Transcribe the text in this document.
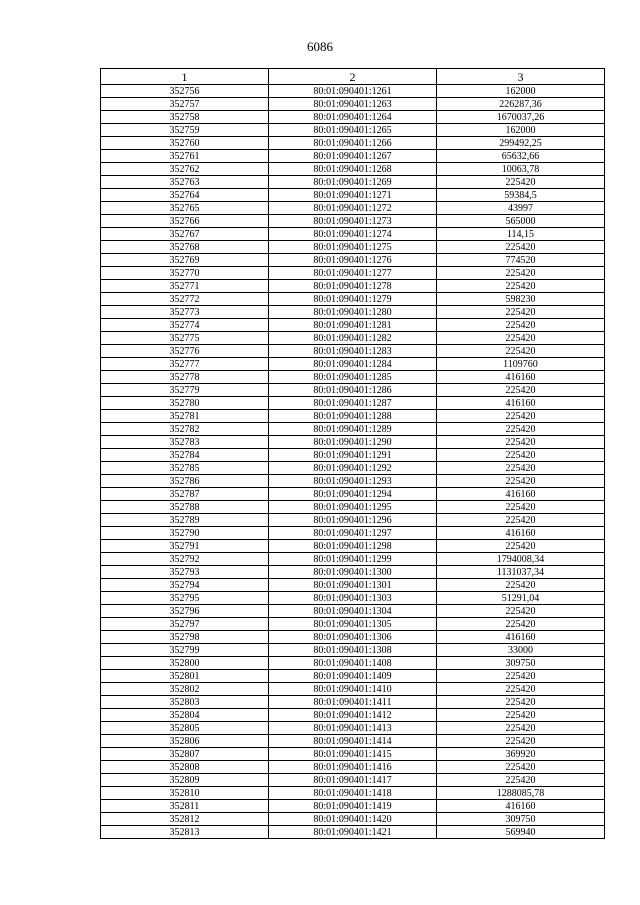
6086
1	2	3
352756	80:01:090401:1261	162000
352757	80:01:090401:1263	226287,36
352758	80:01:090401:1264	1670037,26
352759	80:01:090401:1265	162000
352760	80:01:090401:1266	299492,25
352761	80:01:090401:1267	65632,66
352762	80:01:090401:1268	10063,78
352763	80:01:090401:1269	225420
352764	80:01:090401:1271	59384,5
352765	80:01:090401:1272	43997
352766	80:01:090401:1273	565000
352767	80:01:090401:1274	114,15
352768	80:01:090401:1275	225420
352769	80:01:090401:1276	774520
352770	80:01:090401:1277	225420
352771	80:01:090401:1278	225420
352772	80:01:090401:1279	598230
352773	80:01:090401:1280	225420
352774	80:01:090401:1281	225420
352775	80:01:090401:1282	225420
352776	80:01:090401:1283	225420
352777	80:01:090401:1284	1109760
352778	80:01:090401:1285	416160
352779	80:01:090401:1286	225420
352780	80:01:090401:1287	416160
352781	80:01:090401:1288	225420
352782	80:01:090401:1289	225420
352783	80:01:090401:1290	225420
352784	80:01:090401:1291	225420
352785	80:01:090401:1292	225420
352786	80:01:090401:1293	225420
352787	80:01:090401:1294	416160
352788	80:01:090401:1295	225420
352789	80:01:090401:1296	225420
352790	80:01:090401:1297	416160
352791	80:01:090401:1298	225420
352792	80:01:090401:1299	1794008,34
352793	80:01:090401:1300	1131037,34
352794	80:01:090401:1301	225420
352795	80:01:090401:1303	51291,04
352796	80:01:090401:1304	225420
352797	80:01:090401:1305	225420
352798	80:01:090401:1306	416160
352799	80:01:090401:1308	33000
352800	80:01:090401:1408	309750
352801	80:01:090401:1409	225420
352802	80:01:090401:1410	225420
352803	80:01:090401:1411	225420
352804	80:01:090401:1412	225420
352805	80:01:090401:1413	225420
352806	80:01:090401:1414	225420
352807	80:01:090401:1415	369920
352808	80:01:090401:1416	225420
352809	80:01:090401:1417	225420
352810	80:01:090401:1418	1288085,78
352811	80:01:090401:1419	416160
352812	80:01:090401:1420	309750
352813	80:01:090401:1421	569940
